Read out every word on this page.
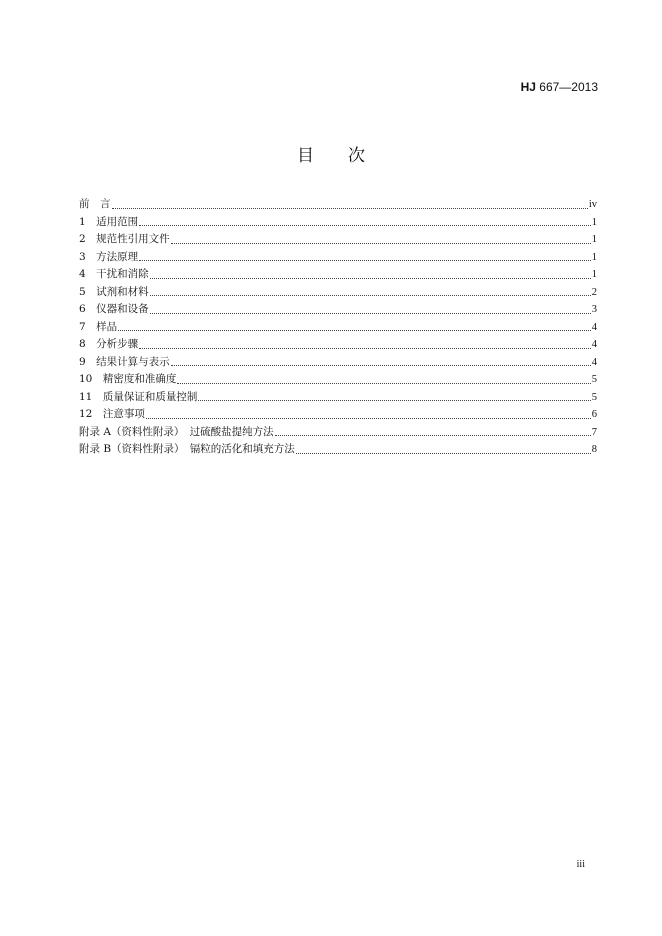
HJ 667—2013
目次
前　言	iv
1　适用范围	1
2　规范性引用文件	1
3　方法原理	1
4　干扰和消除	1
5　试剂和材料	2
6　仪器和设备	3
7　样品	4
8　分析步骤	4
9　结果计算与表示	4
10　精密度和准确度	5
11　质量保证和质量控制	5
12　注意事项	6
附录 A（资料性附录）　过硫酸盐提纯方法	7
附录 B（资料性附录）　镉粒的活化和填充方法	8
iii
